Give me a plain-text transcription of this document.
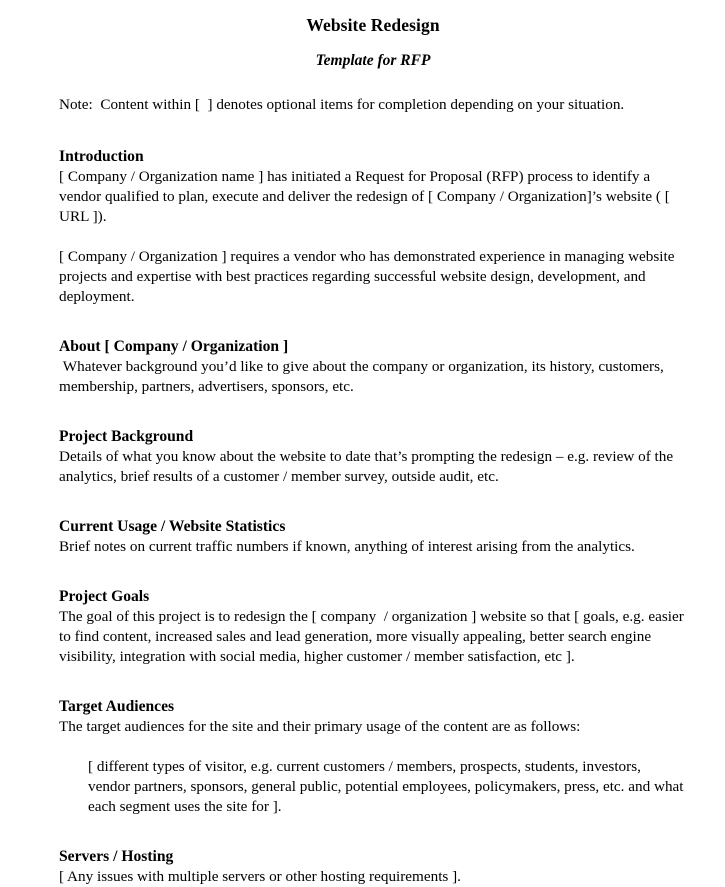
Website Redesign
Template for RFP

Note:  Content within [  ] denotes optional items for completion depending on your situation.

Introduction

[ Company / Organization name ] has initiated a Request for Proposal (RFP) process to identify a vendor qualified to plan, execute and deliver the redesign of [ Company / Organization]’s website ( [ URL ]).

[ Company / Organization ] requires a vendor who has demonstrated experience in managing website projects and expertise with best practices regarding successful website design, development, and deployment.

About [ Company / Organization ]

Whatever background you’d like to give about the company or organization, its history, customers, membership, partners, advertisers, sponsors, etc.

Project Background

Details of what you know about the website to date that’s prompting the redesign – e.g. review of the analytics, brief results of a customer / member survey, outside audit, etc.

Current Usage / Website Statistics

Brief notes on current traffic numbers if known, anything of interest arising from the analytics.

Project Goals

The goal of this project is to redesign the [ company  / organization ] website so that [ goals, e.g. easier to find content, increased sales and lead generation, more visually appealing, better search engine visibility, integration with social media, higher customer / member satisfaction, etc ].

Target Audiences

The target audiences for the site and their primary usage of the content are as follows:

[ different types of visitor, e.g. current customers / members, prospects, students, investors, vendor partners, sponsors, general public, potential employees, policymakers, press, etc. and what each segment uses the site for ].

Servers / Hosting

[ Any issues with multiple servers or other hosting requirements ].
